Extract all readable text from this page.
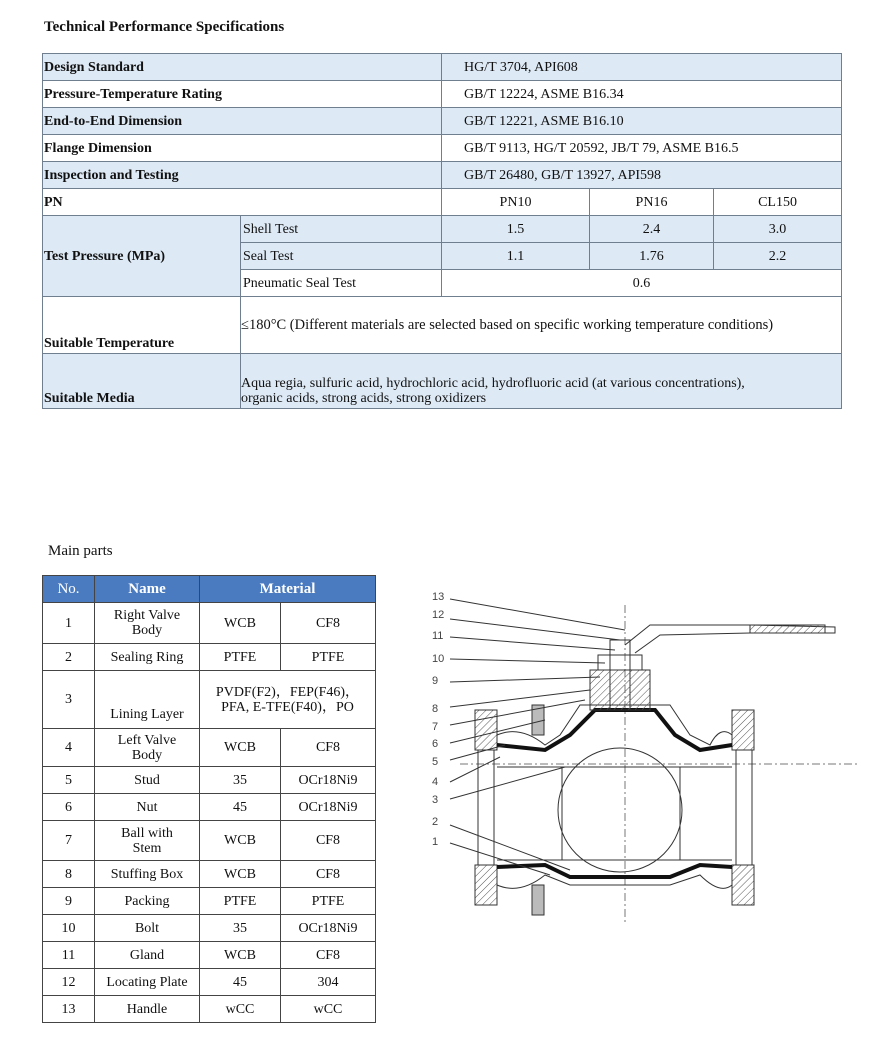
Technical Performance Specifications
Design Standard		HG/T 3704, API608		
Pressure-Temperature Rating		GB/T 12224, ASME B16.34		
End-to-End Dimension		GB/T 12221, ASME B16.10		
Flange Dimension		GB/T 9113, HG/T 20592, JB/T 79, ASME B16.5		
Inspection and Testing		GB/T 26480, GB/T 13927, API598		
PN		PN10	PN16	CL150
Test Pressure (MPa)	Shell Test	1.5	2.4	3.0
	Seal Test	1.1	1.76	2.2
	Pneumatic Seal Test	0.6		
Suitable Temperature	≤180°C (Different materials are selected based on specific working temperature conditions)			
Suitable Media	Aqua regia, sulfuric acid, hydrochloric acid, hydrofluoric acid (at various concentrations),
organic acids, strong acids, strong oxidizers			
Main parts
No.	Name	Material	
1	Right Valve
Body	WCB	CF8
2	Sealing Ring	PTFE	PTFE
3	Lining Layer	PVDF(F2)，FEP(F46)，
PFA, E-TFE(F40)，PO	

4	Left Valve
Body	WCB	CF8
5	Stud	35	OCr18Ni9
6	Nut	45	OCr18Ni9
7	Ball with
Stem	WCB	CF8
8	Stuffing Box	WCB	CF8
9	Packing	PTFE	PTFE
10	Bolt	35	OCr18Ni9
11	Gland	WCB	CF8
12	Locating Plate	45	304
13	Handle	wCC	wCC
13
12
11
10
9
8
7
6
5
4
3
2
1
